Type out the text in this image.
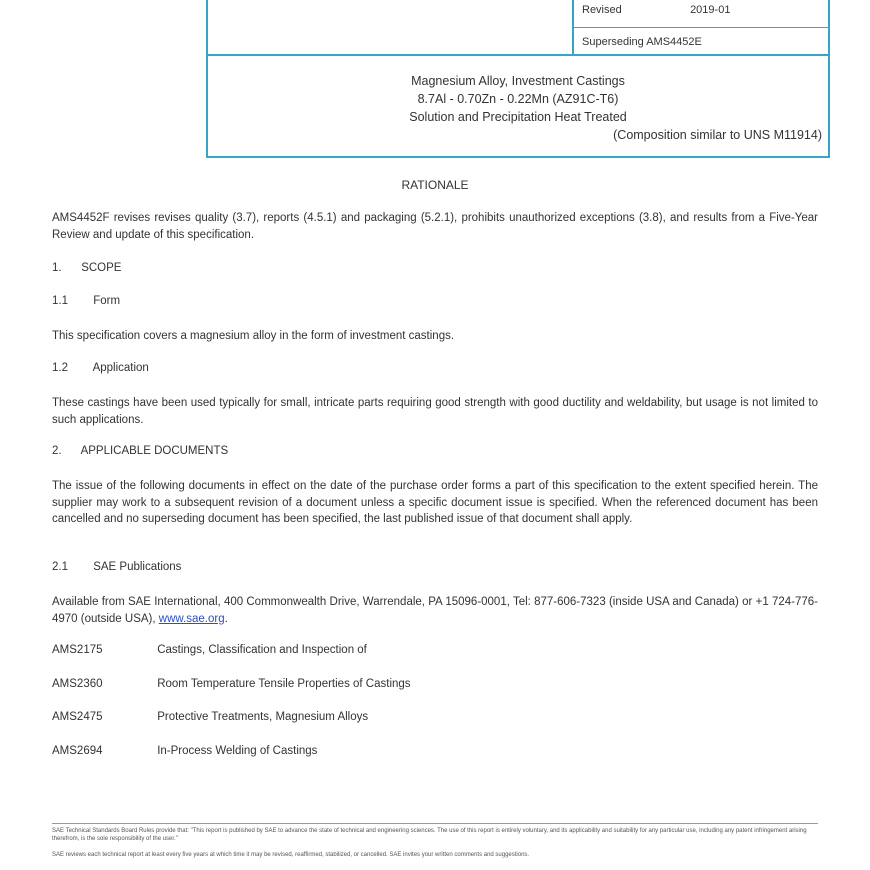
Revised	2019-01
Superseding AMS4452E
Magnesium Alloy, Investment Castings
8.7Al - 0.70Zn - 0.22Mn (AZ91C-T6)
Solution and Precipitation Heat Treated
(Composition similar to UNS M11914)
RATIONALE
AMS4452F revises revises quality (3.7), reports (4.5.1) and packaging (5.2.1), prohibits unauthorized exceptions (3.8), and results from a Five-Year Review and update of this specification.
1. SCOPE
1.1 Form
This specification covers a magnesium alloy in the form of investment castings.
1.2 Application
These castings have been used typically for small, intricate parts requiring good strength with good ductility and weldability, but usage is not limited to such applications.
2. APPLICABLE DOCUMENTS
The issue of the following documents in effect on the date of the purchase order forms a part of this specification to the extent specified herein. The supplier may work to a subsequent revision of a document unless a specific document issue is specified. When the referenced document has been cancelled and no superseding document has been specified, the last published issue of that document shall apply.
2.1 SAE Publications
Available from SAE International, 400 Commonwealth Drive, Warrendale, PA 15096-0001, Tel: 877-606-7323 (inside USA and Canada) or +1 724-776-4970 (outside USA), www.sae.org.
AMS2175	Castings, Classification and Inspection of
AMS2360	Room Temperature Tensile Properties of Castings
AMS2475	Protective Treatments, Magnesium Alloys
AMS2694	In-Process Welding of Castings
SAE Technical Standards Board Rules provide that: "This report is published by SAE to advance the state of technical and engineering sciences. The use of this report is entirely voluntary, and its applicability and suitability for any particular use, including any patent infringement arising therefrom, is the sole responsibility of the user."
SAE reviews each technical report at least every five years at which time it may be revised, reaffirmed, stabilized, or cancelled. SAE invites your written comments and suggestions.
